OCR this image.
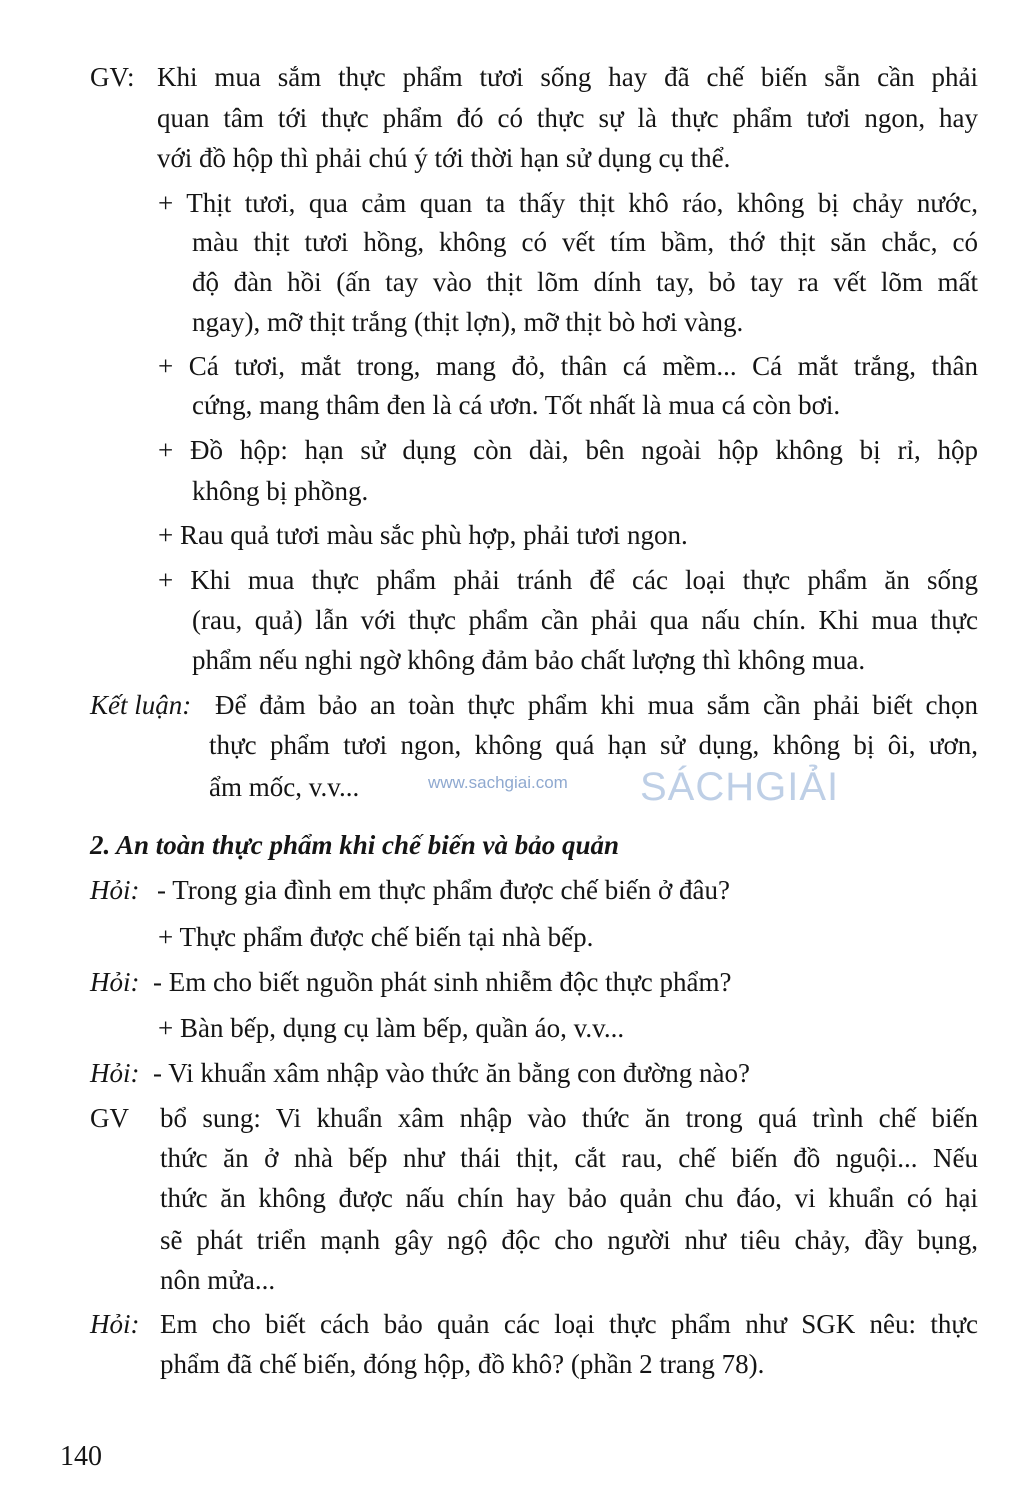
GV: Khi mua sắm thực phẩm tươi sống hay đã chế biến sẵn cần phải
quan tâm tới thực phẩm đó có thực sự là thực phẩm tươi ngon, hay
với đồ hộp thì phải chú ý tới thời hạn sử dụng cụ thể.
+ Thịt tươi, qua cảm quan ta thấy thịt khô ráo, không bị chảy nước,
màu thịt tươi hồng, không có vết tím bầm, thớ thịt săn chắc, có
độ đàn hồi (ấn tay vào thịt lõm dính tay, bỏ tay ra vết lõm mất
ngay), mỡ thịt trắng (thịt lợn), mỡ thịt bò hơi vàng.
+ Cá tươi, mắt trong, mang đỏ, thân cá mềm... Cá mắt trắng, thân
cứng, mang thâm đen là cá ươn. Tốt nhất là mua cá còn bơi.
+ Đồ hộp: hạn sử dụng còn dài, bên ngoài hộp không bị rỉ, hộp
không bị phồng.
+ Rau quả tươi màu sắc phù hợp, phải tươi ngon.
+ Khi mua thực phẩm phải tránh để các loại thực phẩm ăn sống
(rau, quả) lẫn với thực phẩm cần phải qua nấu chín. Khi mua thực
phẩm nếu nghi ngờ không đảm bảo chất lượng thì không mua.
Kết luận: Để đảm bảo an toàn thực phẩm khi mua sắm cần phải biết chọn
thực phẩm tươi ngon, không quá hạn sử dụng, không bị ôi, ươn,
ẩm mốc, v.v...	SÁCHGIẢI
www.sachgiai.com
2. An toàn thực phẩm khi chế biến và bảo quản
Hỏi: - Trong gia đình em thực phẩm được chế biến ở đâu?
+ Thực phẩm được chế biến tại nhà bếp.
Hỏi: - Em cho biết nguồn phát sinh nhiễm độc thực phẩm?
+ Bàn bếp, dụng cụ làm bếp, quần áo, v.v...
Hỏi: - Vi khuẩn xâm nhập vào thức ăn bằng con đường nào?
GV bổ sung: Vi khuẩn xâm nhập vào thức ăn trong quá trình chế biến
thức ăn ở nhà bếp như thái thịt, cắt rau, chế biến đồ nguội... Nếu
thức ăn không được nấu chín hay bảo quản chu đáo, vi khuẩn có hại
sẽ phát triển mạnh gây ngộ độc cho người như tiêu chảy, đầy bụng,
nôn mửa...
Hỏi: Em cho biết cách bảo quản các loại thực phẩm như SGK nêu: thực
phẩm đã chế biến, đóng hộp, đồ khô? (phần 2 trang 78).
140
